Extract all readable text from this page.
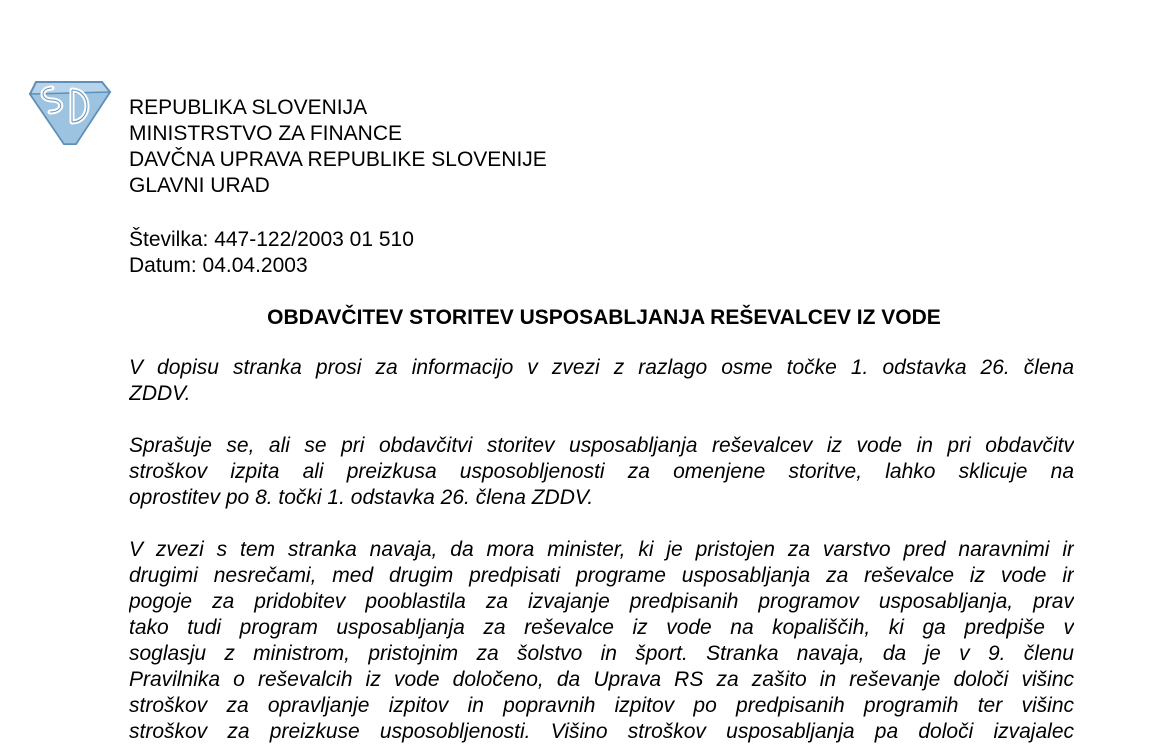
REPUBLIKA SLOVENIJA
MINISTRSTVO ZA FINANCE
DAVČNA UPRAVA REPUBLIKE SLOVENIJE
GLAVNI URAD
Številka: 447-122/2003 01 510
Datum: 04.04.2003
OBDAVČITEV STORITEV USPOSABLJANJA REŠEVALCEV IZ VODE
V dopisu stranka prosi za informacijo v zvezi z razlago osme točke 1. odstavka 26. člena
ZDDV.
Sprašuje se, ali se pri obdavčitvi storitev usposabljanja reševalcev iz vode in pri obdavčitv
stroškov izpita ali preizkusa usposobljenosti za omenjene storitve, lahko sklicuje na
oprostitev po 8. točki 1. odstavka 26. člena ZDDV.
V zvezi s tem stranka navaja, da mora minister, ki je pristojen za varstvo pred naravnimi ir
drugimi nesrečami, med drugim predpisati programe usposabljanja za reševalce iz vode ir
pogoje za pridobitev pooblastila za izvajanje predpisanih programov usposabljanja, prav
tako tudi program usposabljanja za reševalce iz vode na kopališčih, ki ga predpiše v
soglasju z ministrom, pristojnim za šolstvo in šport. Stranka navaja, da je v 9. členu
Pravilnika o reševalcih iz vode določeno, da Uprava RS za zašito in reševanje določi višinc
stroškov za opravljanje izpitov in popravnih izpitov po predpisanih programih ter višinc
stroškov za preizkuse usposobljenosti. Višino stroškov usposabljanja pa določi izvajalec
